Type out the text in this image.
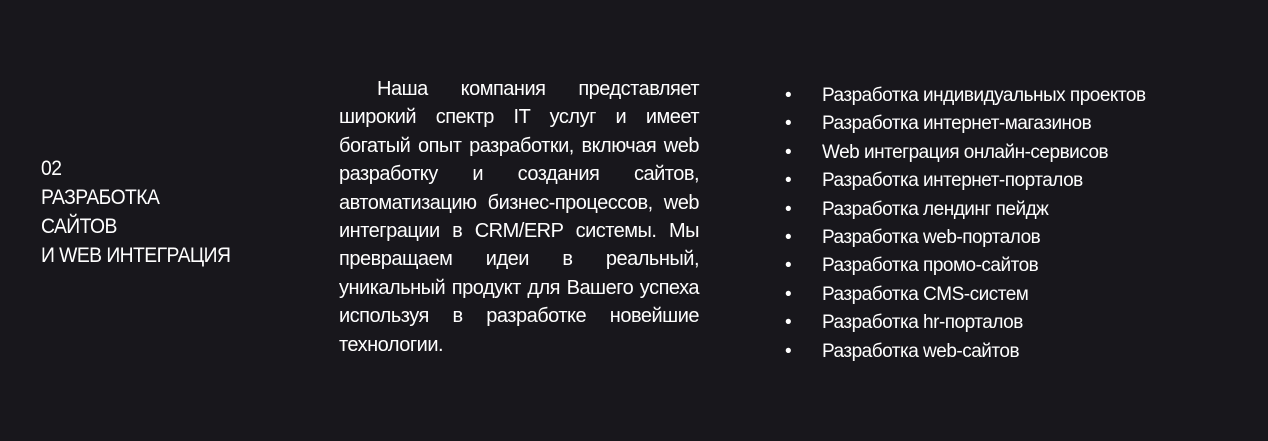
02
РАЗРАБОТКА
САЙТОВ
И WEB ИНТЕГРАЦИЯ

Наша компания представляет широкий спектр IT услуг и имеет богатый опыт разработки, включая web разработку и создания сайтов, автоматизацию бизнес-процессов, web интеграции в CRM/ERP системы. Мы превращаем идеи в реальный, уникальный продукт для Вашего успеха используя в разработке новейшие технологии.

•	Разработка индивидуальных проектов
•	Разработка интернет-магазинов
•	Web интеграция онлайн-сервисов
•	Разработка интернет-порталов
•	Разработка лендинг пейдж
•	Разработка web-порталов
•	Разработка промо-сайтов
•	Разработка CMS-систем
•	Разработка hr-порталов
•	Разработка web-сайтов
